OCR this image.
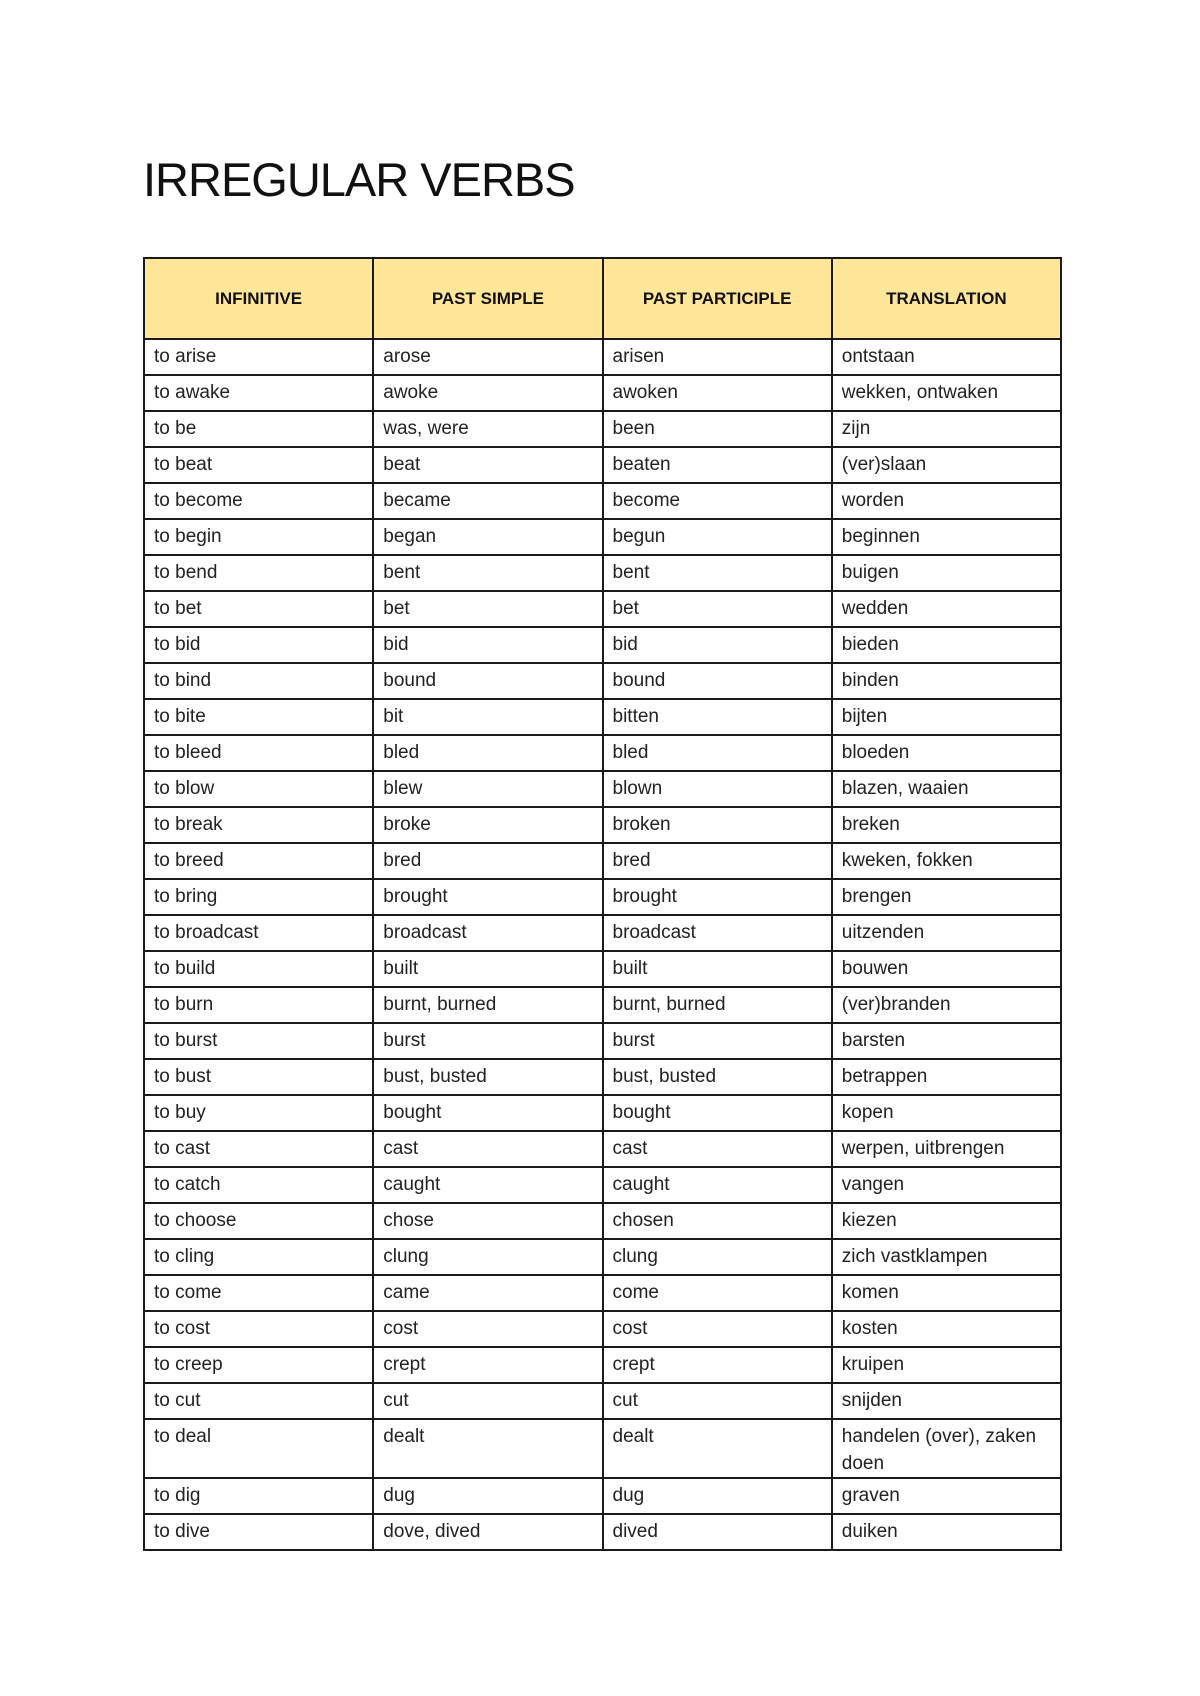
IRREGULAR VERBS
INFINITIVE	PAST SIMPLE	PAST PARTICIPLE	TRANSLATION
to arise	arose	arisen	ontstaan
to awake	awoke	awoken	wekken, ontwaken
to be	was, were	been	zijn
to beat	beat	beaten	(ver)slaan
to become	became	become	worden
to begin	began	begun	beginnen
to bend	bent	bent	buigen
to bet	bet	bet	wedden
to bid	bid	bid	bieden
to bind	bound	bound	binden
to bite	bit	bitten	bijten
to bleed	bled	bled	bloeden
to blow	blew	blown	blazen, waaien
to break	broke	broken	breken
to breed	bred	bred	kweken, fokken
to bring	brought	brought	brengen
to broadcast	broadcast	broadcast	uitzenden
to build	built	built	bouwen
to burn	burnt, burned	burnt, burned	(ver)branden
to burst	burst	burst	barsten
to bust	bust, busted	bust, busted	betrappen
to buy	bought	bought	kopen
to cast	cast	cast	werpen, uitbrengen
to catch	caught	caught	vangen
to choose	chose	chosen	kiezen
to cling	clung	clung	zich vastklampen
to come	came	come	komen
to cost	cost	cost	kosten
to creep	crept	crept	kruipen
to cut	cut	cut	snijden
to deal	dealt	dealt	handelen (over), zaken doen
to dig	dug	dug	graven
to dive	dove, dived	dived	duiken
